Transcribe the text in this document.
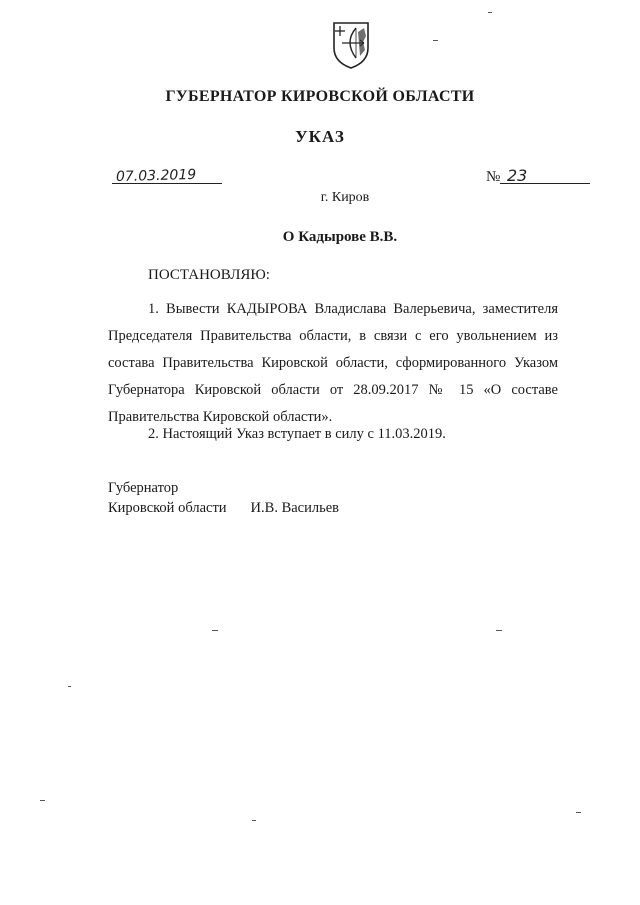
ГУБЕРНАТОР КИРОВСКОЙ ОБЛАСТИ
УКАЗ
07.03.2019	№ 23
г. Киров
О Кадырове В.В.
ПОСТАНОВЛЯЮ:

1. Вывести КАДЫРОВА Владислава Валерьевича, заместителя Председателя Правительства области, в связи с его увольнением из состава Правительства Кировской области, сформированного Указом Губернатора Кировской области от 28.09.2017 № 15 «О составе Правительства Кировской области».

2. Настоящий Указ вступает в силу с 11.03.2019.
Губернатор
Кировской области И.В. Васильев
